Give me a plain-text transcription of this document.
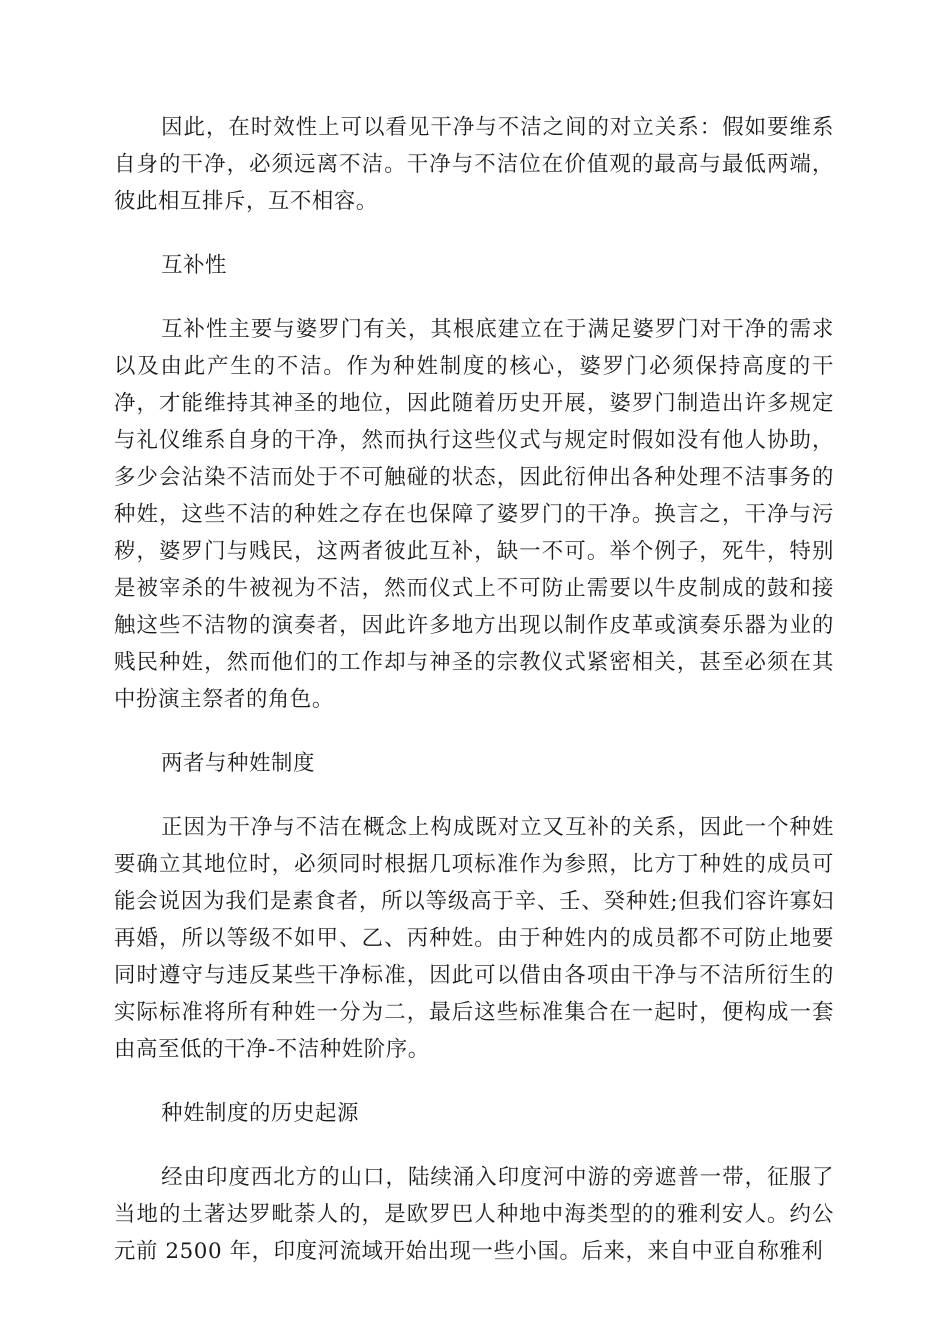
因此，在时效性上可以看见干净与不洁之间的对立关系：假如要维系自身的干净，必须远离不洁。干净与不洁位在价值观的最高与最低两端，彼此相互排斥，互不相容。

互补性

互补性主要与婆罗门有关，其根底建立在于满足婆罗门对干净的需求以及由此产生的不洁。作为种姓制度的核心，婆罗门必须保持高度的干净，才能维持其神圣的地位，因此随着历史开展，婆罗门制造出许多规定与礼仪维系自身的干净，然而执行这些仪式与规定时假如没有他人协助，多少会沾染不洁而处于不可触碰的状态，因此衍伸出各种处理不洁事务的种姓，这些不洁的种姓之存在也保障了婆罗门的干净。换言之，干净与污秽，婆罗门与贱民，这两者彼此互补，缺一不可。举个例子，死牛，特别是被宰杀的牛被视为不洁，然而仪式上不可防止需要以牛皮制成的鼓和接触这些不洁物的演奏者，因此许多地方出现以制作皮革或演奏乐器为业的贱民种姓，然而他们的工作却与神圣的宗教仪式紧密相关，甚至必须在其中扮演主祭者的角色。

两者与种姓制度

正因为干净与不洁在概念上构成既对立又互补的关系，因此一个种姓要确立其地位时，必须同时根据几项标准作为参照，比方丁种姓的成员可能会说因为我们是素食者，所以等级高于辛、壬、癸种姓;但我们容许寡妇再婚，所以等级不如甲、乙、丙种姓。由于种姓内的成员都不可防止地要同时遵守与违反某些干净标准，因此可以借由各项由干净与不洁所衍生的实际标准将所有种姓一分为二，最后这些标准集合在一起时，便构成一套由高至低的干净-不洁种姓阶序。

种姓制度的历史起源

经由印度西北方的山口，陆续涌入印度河中游的旁遮普一带，征服了当地的土著达罗毗荼人的，是欧罗巴人种地中海类型的的雅利安人。约公元前 2500 年，印度河流域开始出现一些小国。后来，来自中亚自称雅利
